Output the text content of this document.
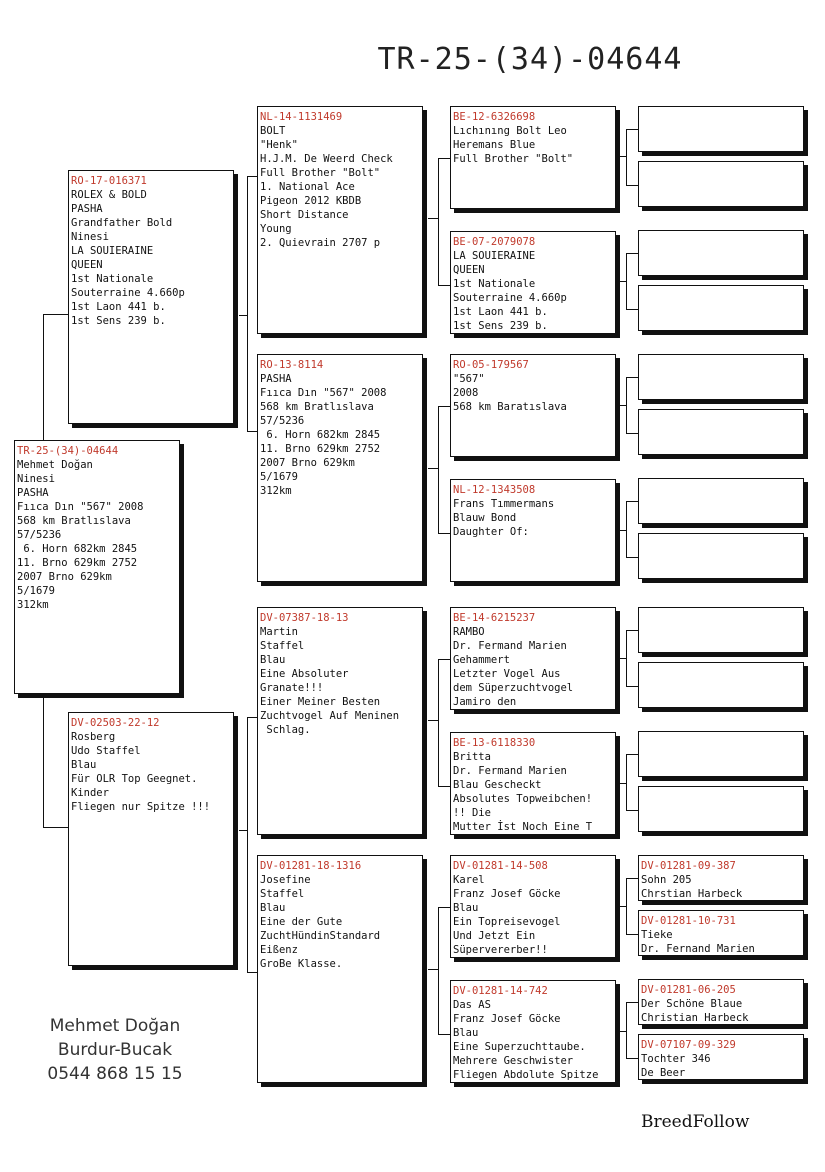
TR-25-(34)-04644
TR-25-(34)-04644
Mehmet Doğan
Ninesi
PASHA
Fııca Dın "567" 2008
568 km Bratlıslava
57/5236
6. Horn 682km 2845
11. Brno 629km 2752
2007 Brno 629km
5/1679
312km
RO-17-016371
ROLEX & BOLD
PASHA
Grandfather Bold
Ninesi
LA SOUIERAINE
QUEEN
1st Nationale
Souterraine 4.660p
1st Laon 441 b.
1st Sens 239 b.
DV-02503-22-12
Rosberg
Udo Staffel
Blau
Für OLR Top Geegnet.
Kinder
Fliegen nur Spitze !!!
NL-14-1131469
BOLT
"Henk"
H.J.M. De Weerd Check
Full Brother "Bolt"
1. National Ace
Pigeon 2012 KBDB
Short Distance
Young
2. Quievrain 2707 p
RO-13-8114
PASHA
Fııca Dın "567" 2008
568 km Bratlıslava
57/5236
6. Horn 682km 2845
11. Brno 629km 2752
2007 Brno 629km
5/1679
312km
DV-07387-18-13
Martin
Staffel
Blau
Eine Absoluter
Granate!!!
Einer Meiner Besten
Zuchtvogel Auf Meninen
Schlag.
DV-01281-18-1316
Josefine
Staffel
Blau
Eine der Gute
ZuchtHündinStandard
Eißenz
GroBe Klasse.
BE-12-6326698
Lıchınıng Bolt Leo
Heremans Blue
Full Brother "Bolt"
BE-07-2079078
LA SOUIERAINE
QUEEN
1st Nationale
Souterraine 4.660p
1st Laon 441 b.
1st Sens 239 b.
RO-05-179567
"567"
2008
568 km Baratıslava
NL-12-1343508
Frans Tımmermans
Blauw Bond
Daughter Of:
BE-14-6215237
RAMBO
Dr. Fermand Marien
Gehammert
Letzter Vogel Aus
dem Süperzuchtvogel
Jamiro den
BE-13-6118330
Britta
Dr. Fermand Marien
Blau Gescheckt
Absolutes Topweibchen!
!! Die
Mutter İst Noch Eine T
DV-01281-14-508
Karel
Franz Josef Göcke
Blau
Ein Topreisevogel
Und Jetzt Ein
Süpervererber!!
DV-01281-14-742
Das AS
Franz Josef Göcke
Blau
Eine Superzuchttaube.
Mehrere Geschwister
Fliegen Abdolute Spitze
DV-01281-09-387
Sohn 205
Chrstian Harbeck
DV-01281-10-731
Tieke
Dr. Fernand Marien
DV-01281-06-205
Der Schöne Blaue
Christian Harbeck
DV-07107-09-329
Tochter 346
De Beer
Mehmet Doğan
Burdur-Bucak
0544 868 15 15
BreedFollow
